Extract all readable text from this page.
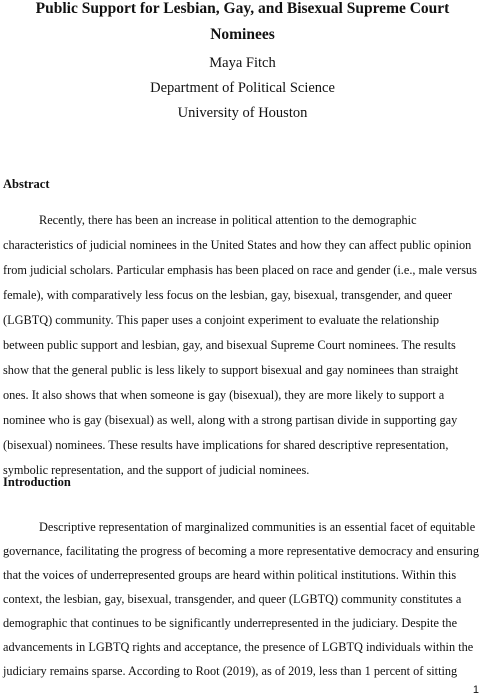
Public Support for Lesbian, Gay, and Bisexual Supreme Court
Nominees

Maya Fitch

Department of Political Science

University of Houston

Abstract
Recently, there has been an increase in political attention to the demographic
characteristics of judicial nominees in the United States and how they can affect public opinion
from judicial scholars. Particular emphasis has been placed on race and gender (i.e., male versus
female), with comparatively less focus on the lesbian, gay, bisexual, transgender, and queer
(LGBTQ) community. This paper uses a conjoint experiment to evaluate the relationship
between public support and lesbian, gay, and bisexual Supreme Court nominees. The results
show that the general public is less likely to support bisexual and gay nominees than straight
ones. It also shows that when someone is gay (bisexual), they are more likely to support a
nominee who is gay (bisexual) as well, along with a strong partisan divide in supporting gay
(bisexual) nominees. These results have implications for shared descriptive representation,
symbolic representation, and the support of judicial nominees.
Introduction
Descriptive representation of marginalized communities is an essential facet of equitable
governance, facilitating the progress of becoming a more representative democracy and ensuring
that the voices of underrepresented groups are heard within political institutions. Within this
context, the lesbian, gay, bisexual, transgender, and queer (LGBTQ) community constitutes a
demographic that continues to be significantly underrepresented in the judiciary. Despite the
advancements in LGBTQ rights and acceptance, the presence of LGBTQ individuals within the
judiciary remains sparse. According to Root (2019), as of 2019, less than 1 percent of sitting

1
